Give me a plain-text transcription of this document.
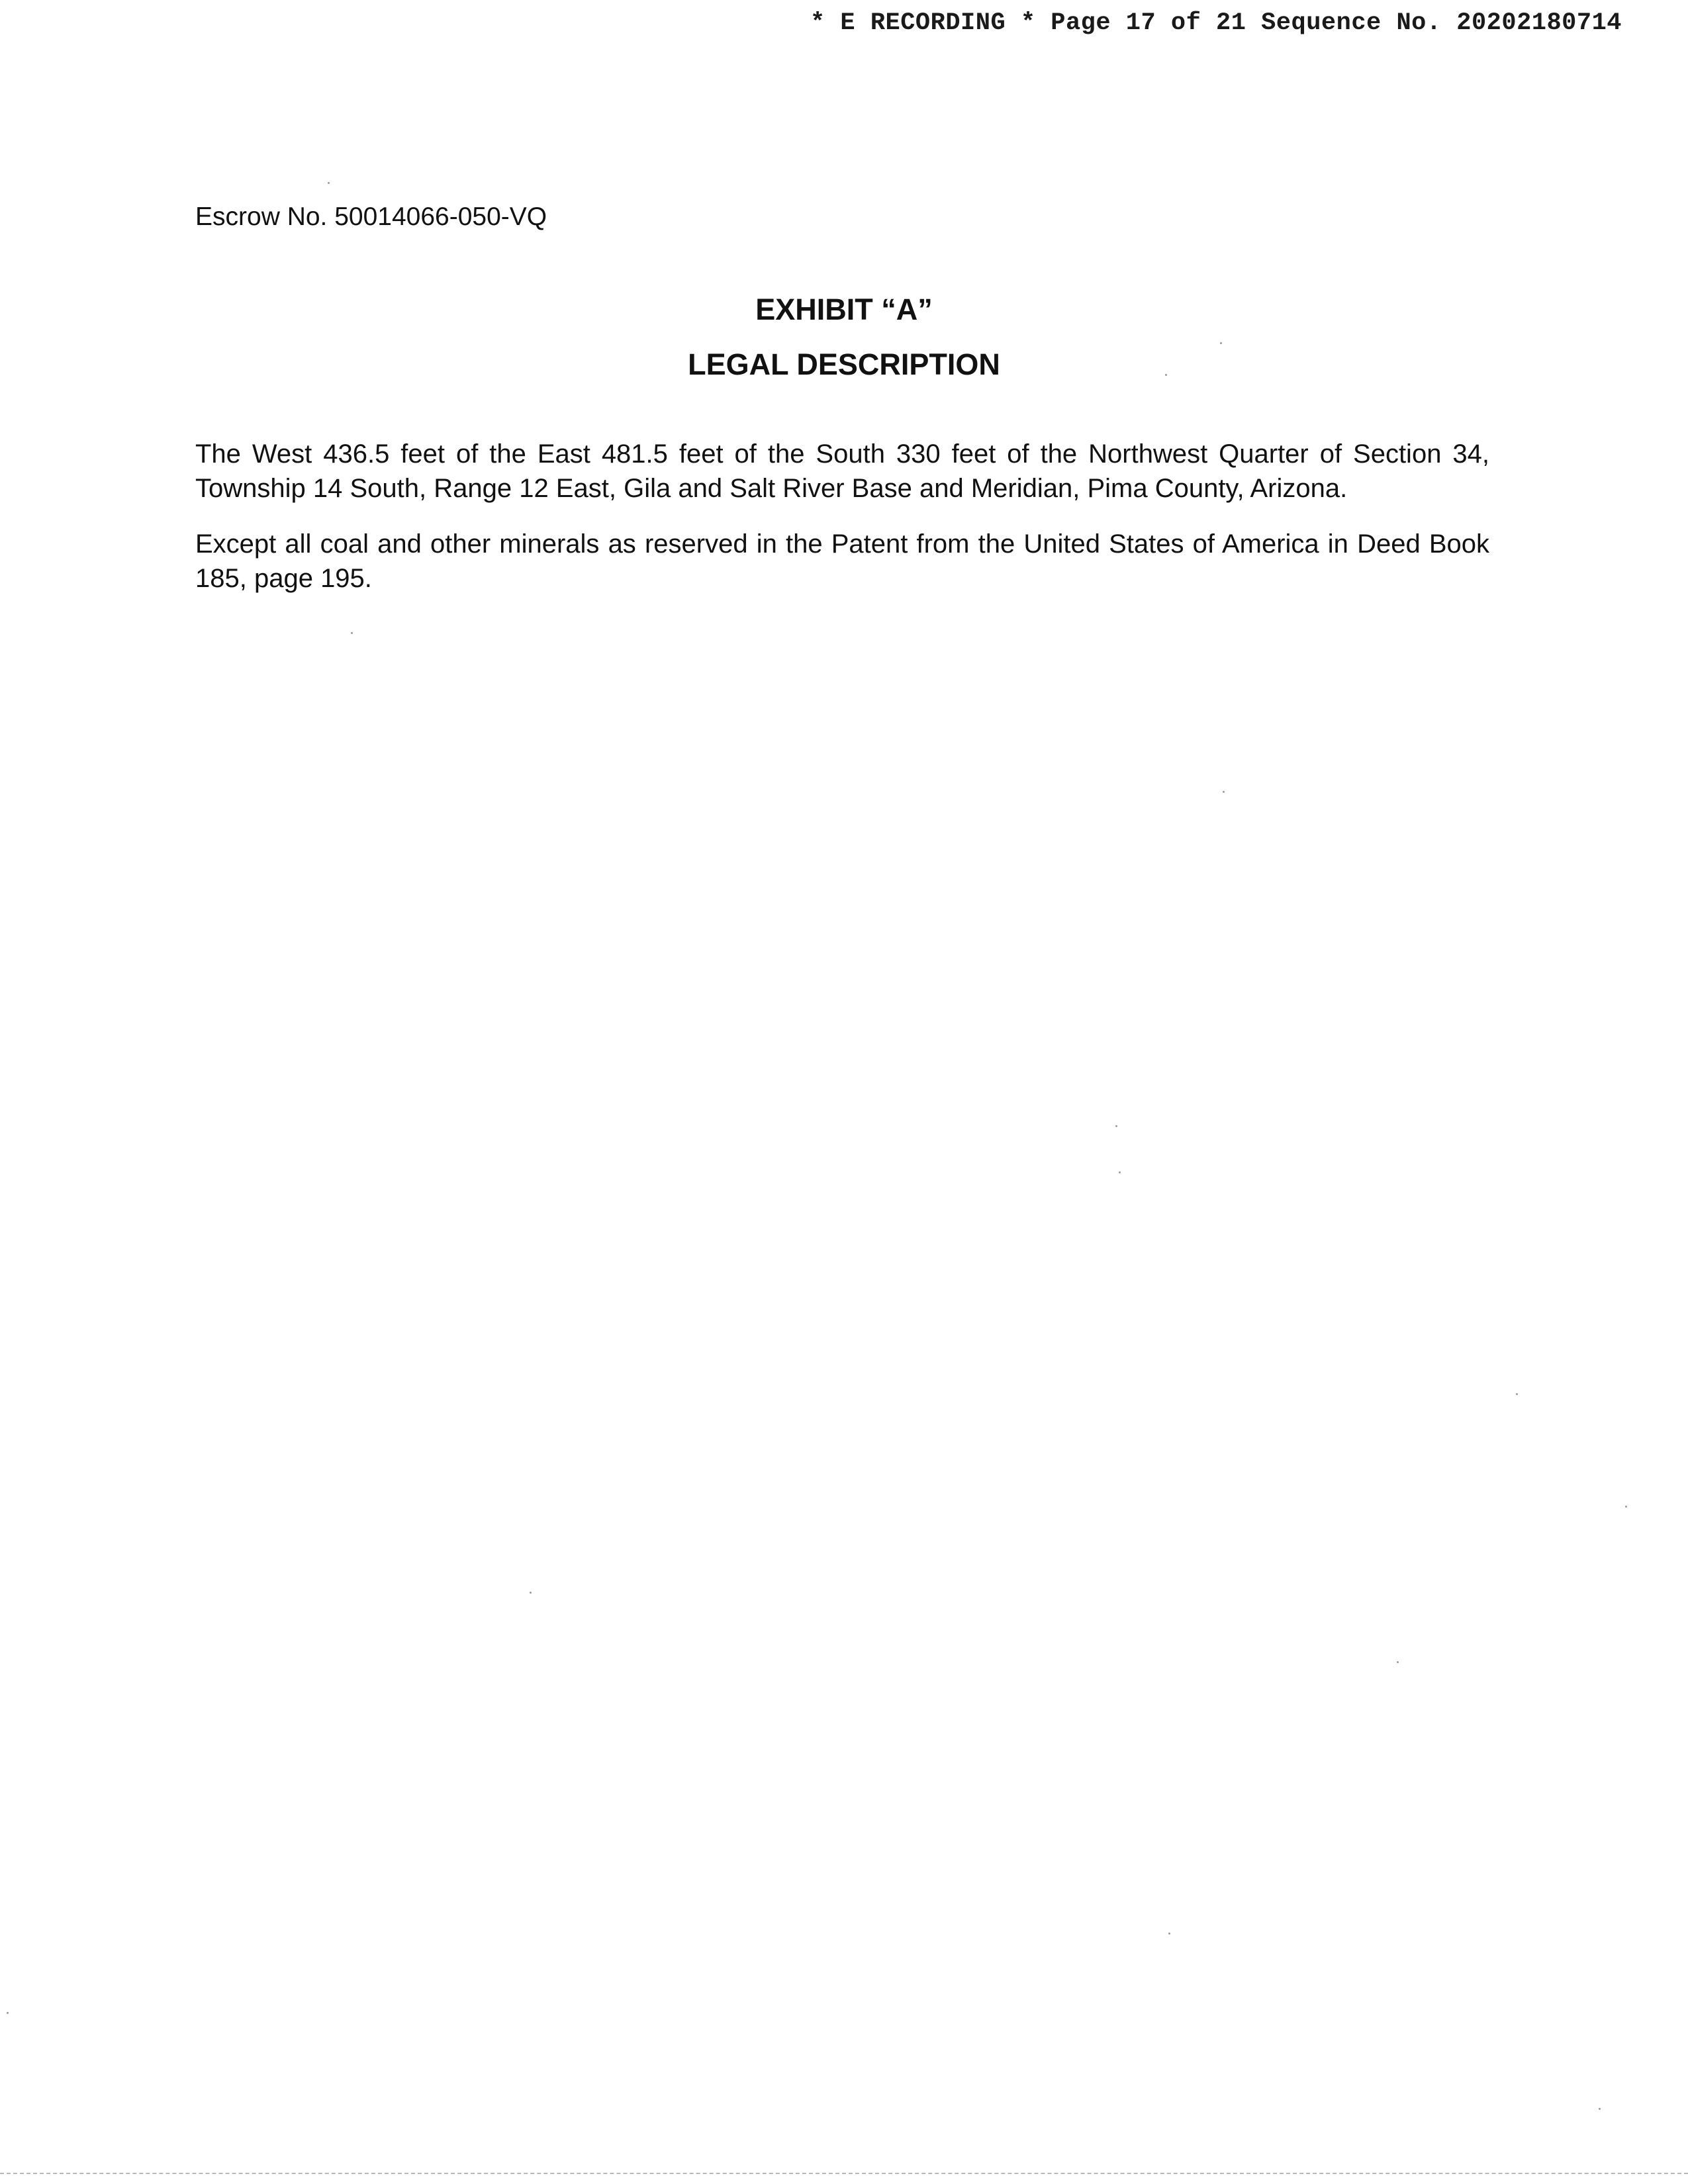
* E RECORDING * Page 17 of 21 Sequence No. 20202180714
Escrow No. 50014066-050-VQ
EXHIBIT “A”
LEGAL DESCRIPTION
The West 436.5 feet of the East 481.5 feet of the South 330 feet of the Northwest Quarter of Section 34, Township 14 South, Range 12 East, Gila and Salt River Base and Meridian, Pima County, Arizona.
Except all coal and other minerals as reserved in the Patent from the United States of America in Deed Book 185, page 195.
